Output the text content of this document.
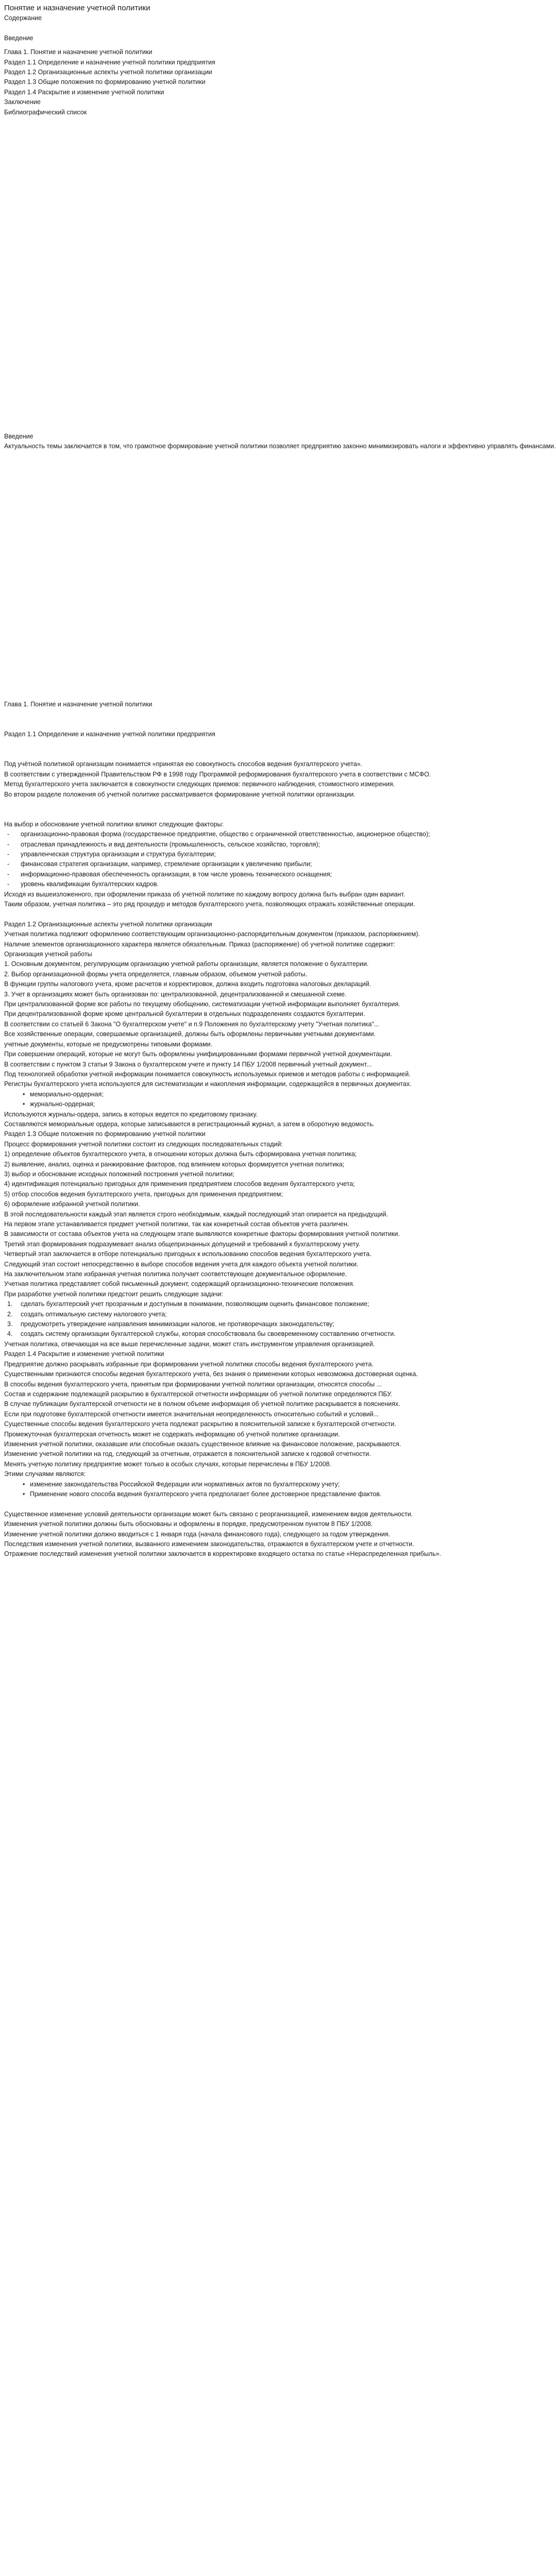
Понятие и назначение учетной политики
Содержание
Введение
Глава 1. Понятие и назначение учетной политики
Раздел 1.1 Определение и назначение учетной политики предприятия
Раздел 1.2 Организационные аспекты учетной политики организации
Раздел 1.3 Общие положения по формированию учетной политики
Раздел 1.4 Раскрытие и изменение учетной политики
Заключение
Библиографический список
Введение
Актуальность темы заключается в том, что грамотное формирование учетной политики позволяет предприятию законно минимизировать налоги и эффективно управлять финансами.
Глава 1. Понятие и назначение учетной политики
Раздел 1.1 Определение и назначение учетной политики предприятия
Под учётной политикой организации понимается «принятая ею совокупность способов ведения бухгалтерского учета».
В соответствии с утвержденной Правительством РФ в 1998 году Программой реформирования бухгалтерского учета в соответствии с МСФО.
Метод бухгалтерского учета заключается в совокупности следующих приемов: первичного наблюдения, стоимостного измерения.
Во втором разделе положения об учетной политике рассматривается формирование учетной политики организации.
На выбор и обоснование учетной политики влияют следующие факторы:
- организационно-правовая форма (государственное предприятие, общество с ограниченной ответственностью, акционерное общество);
- отраслевая принадлежность и вид деятельности (промышленность, сельское хозяйство, торговля);
- управленческая структура организации и структура бухгалтерии;
- финансовая стратегия организации, например, стремление организации к увеличению прибыли;
- информационно-правовая обеспеченность организации, в том числе уровень технического оснащения;
- уровень квалификации бухгалтерских кадров.
Исходя из вышеизложенного, при оформлении приказа об учетной политике по каждому вопросу должна быть выбран один вариант.
Таким образом, учетная политика – это ряд процедур и методов бухгалтерского учета, позволяющих отражать хозяйственные операции.
Раздел 1.2 Организационные аспекты учетной политики организации
Учетная политика подлежит оформлению соответствующим организационно-распорядительным документом (приказом, распоряжением).
Наличие элементов организационного характера является обязательным. Приказ (распоряжение) об учетной политике содержит:
Организация учетной работы
1. Основным документом, регулирующим организацию учетной работы организации, является положение о бухгалтерии.
2. Выбор организационной формы учета определяется, главным образом, объемом учетной работы.
В функции группы налогового учета, кроме расчетов и корректировок, должна входить подготовка налоговых деклараций.
3. Учет в организациях может быть организован по: централизованной, децентрализованной и смешанной схеме.
При централизованной форме все работы по текущему обобщению, систематизации учетной информации выполняет бухгалтерия.
При децентрализованной форме кроме центральной бухгалтерии в отдельных подразделениях создаются бухгалтерии.
В соответствии со статьей 6 Закона "О бухгалтерском учете" и п.9 Положения по бухгалтерскому учету "Учетная политика"...
Все хозяйственные операции, совершаемые организацией, должны быть оформлены первичными учетными документами.
учетные документы, которые не предусмотрены типовыми формами.
При совершении операций, которые не могут быть оформлены унифицированными формами первичной учетной документации.
В соответствии с пунктом 3 статьи 9 Закона о бухгалтерском учете и пункту 14 ПБУ 1/2008 первичный учетный документ...
Под технологией обработки учетной информации понимается совокупность используемых приемов и методов работы с информацией.
Регистры бухгалтерского учета используются для систематизации и накопления информации, содержащейся в первичных документах.
• мемориально-ордерная;
• журнально-ордерная;
Используются журналы-ордера, запись в которых ведется по кредитовому признаку.
Составляются мемориальные ордера, которые записываются в регистрационный журнал, а затем в оборотную ведомость.
Раздел 1.3 Общие положения по формированию учетной политики
Процесс формирования учетной политики состоит из следующих последовательных стадий:
1) определение объектов бухгалтерского учета, в отношении которых должна быть сформирована учетная политика;
2) выявление, анализ, оценка и ранжирование факторов, под влиянием которых формируется учетная политика;
3) выбор и обоснование исходных положений построения учетной политики;
4) идентификация потенциально пригодных для применения предприятием способов ведения бухгалтерского учета;
5) отбор способов ведения бухгалтерского учета, пригодных для применения предприятием;
6) оформление избранной учетной политики.
В этой последовательности каждый этап является строго необходимым, каждый последующий этап опирается на предыдущий.
На первом этапе устанавливается предмет учетной политики, так как конкретный состав объектов учета различен.
В зависимости от состава объектов учета на следующем этапе выявляются конкретные факторы формирования учетной политики.
Третий этап формирования подразумевает анализ общепризнанных допущений и требований к бухгалтерскому учету.
Четвертый этап заключается в отборе потенциально пригодных к использованию способов ведения бухгалтерского учета.
Следующий этап состоит непосредственно в выборе способов ведения учета для каждого объекта учетной политики.
На заключительном этапе избранная учетная политика получает соответствующее документальное оформление.
Учетная политика представляет собой письменный документ, содержащий организационно-технические положения.
При разработке учетной политики предстоит решить следующие задачи:
1. сделать бухгалтерский учет прозрачным и доступным в понимании, позволяющим оценить финансовое положение;
2. создать оптимальную систему налогового учета;
3. предусмотреть утверждение направления минимизации налогов, не противоречащих законодательству;
4. создать систему организации бухгалтерской службы, которая способствовала бы своевременному составлению отчетности.
Учетная политика, отвечающая на все выше перечисленные задачи, может стать инструментом управления организацией.
Раздел 1.4 Раскрытие и изменение учетной политики
Предприятие должно раскрывать избранные при формировании учетной политики способы ведения бухгалтерского учета.
Существенными признаются способы ведения бухгалтерского учета, без знания о применении которых невозможна достоверная оценка.
В способы ведения бухгалтерского учета, принятым при формировании учетной политики организации, относятся способы ...
Состав и содержание подлежащей раскрытию в бухгалтерской отчетности информации об учетной политике определяются ПБУ.
В случае публикации бухгалтерской отчетности не в полном объеме информация об учетной политике раскрывается в пояснениях.
Если при подготовке бухгалтерской отчетности имеется значительная неопределенность относительно событий и условий...
Существенные способы ведения бухгалтерского учета подлежат раскрытию в пояснительной записке к бухгалтерской отчетности.
Промежуточная бухгалтерская отчетность может не содержать информацию об учетной политике организации.
Изменения учетной политики, оказавшие или способные оказать существенное влияние на финансовое положение, раскрываются.
Изменение учетной политики на год, следующий за отчетным, отражается в пояснительной записке к годовой отчетности.
Менять учетную политику предприятие может только в особых случаях, которые перечислены в ПБУ 1/2008.
Этими случаями являются:
• изменение законодательства Российской Федерации или нормативных актов по бухгалтерскому учету;
• Применение нового способа ведения бухгалтерского учета предполагает более достоверное представление фактов.
Существенное изменение условий деятельности организации может быть связано с реорганизацией, изменением видов деятельности.
Изменения учетной политики должны быть обоснованы и оформлены в порядке, предусмотренном пунктом 8 ПБУ 1/2008.
Изменение учетной политики должно вводиться с 1 января года (начала финансового года), следующего за годом утверждения.
Последствия изменения учетной политики, вызванного изменением законодательства, отражаются в бухгалтерском учете и отчетности.
Отражение последствий изменения учетной политики заключается в корректировке входящего остатка по статье «Нераспределенная прибыль».
